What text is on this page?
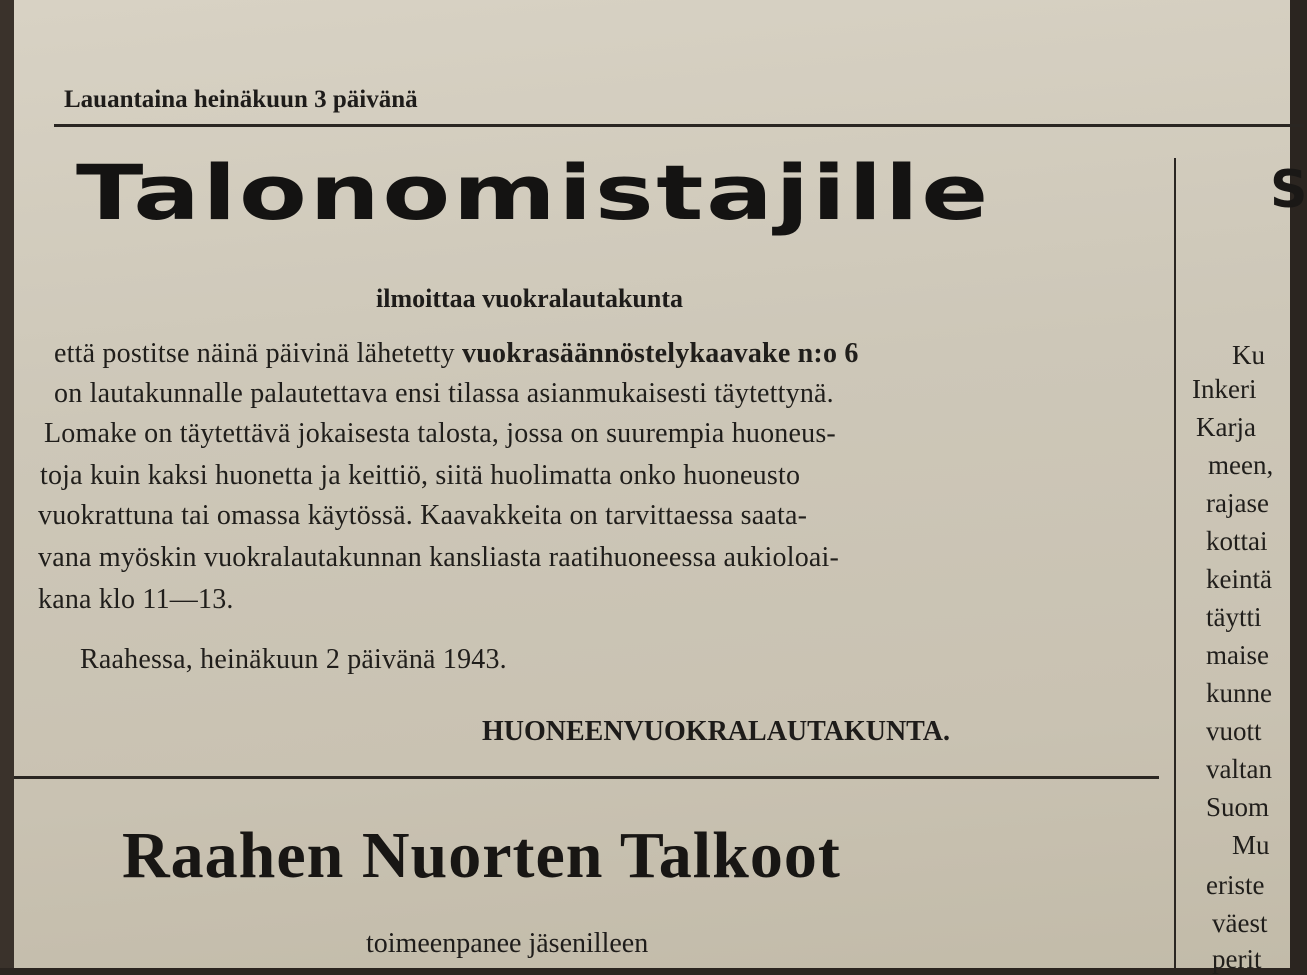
Lauantaina heinäkuun 3 päivänä
Talonomistajille
ilmoittaa vuokralautakunta
että postitse näinä päivinä lähetetty vuokrasäännöstelykaavake n:o 6
on lautakunnalle palautettava ensi tilassa asianmukaisesti täytettynä.
Lomake on täytettävä jokaisesta talosta, jossa on suurempia huoneus-
toja kuin kaksi huonetta ja keittiö, siitä huolimatta onko huoneusto
vuokrattuna tai omassa käytössä. Kaavakkeita on tarvittaessa saata-
vana myöskin vuokralautakunnan kansliasta raatihuoneessa aukioloai-
kana klo 11—13.
Raahessa, heinäkuun 2 päivänä 1943.
HUONEENVUOKRALAUTAKUNTA.
Raahen Nuorten Talkoot
toimeenpanee jäsenilleen
S
Ku
Inkeri
Karja
meen,
rajase
kottai
keintä
täytti
maise
kunne
vuott
valtan
Suom
Mu
eriste
väest
perit
